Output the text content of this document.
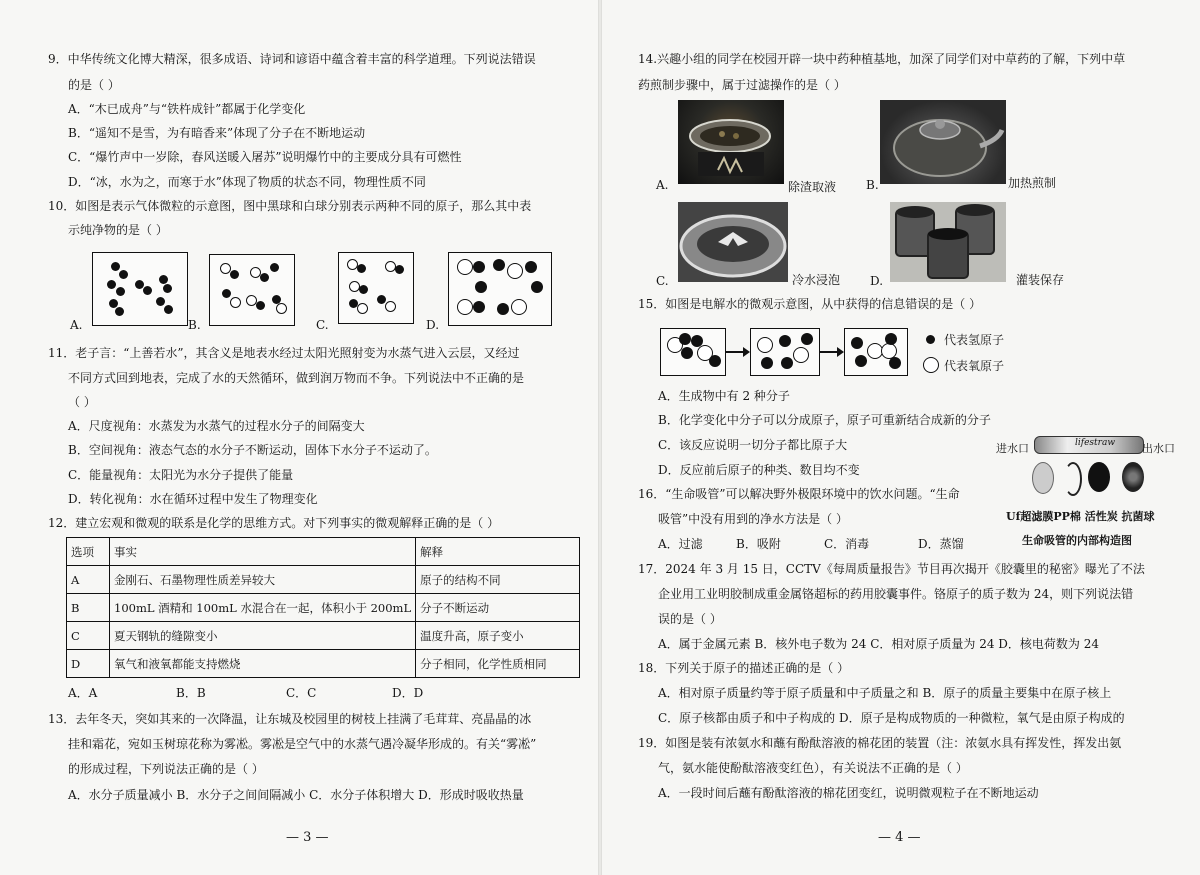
9．中华传统文化博大精深，很多成语、诗词和谚语中蕴含着丰富的科学道理。下列说法错误
的是（ ）
A．“木已成舟”与“铁杵成针”都属于化学变化
B．“遥知不是雪，为有暗香来”体现了分子在不断地运动
C．“爆竹声中一岁除，春风送暖入屠苏”说明爆竹中的主要成分具有可燃性
D．“冰，水为之，而寒于水”体现了物质的状态不同，物理性质不同
10．如图是表示气体微粒的示意图，图中黑球和白球分别表示两种不同的原子，那么其中表
示纯净物的是（ ）
A.	B.	C.	D.
11．老子言：“上善若水”，其含义是地表水经过太阳光照射变为水蒸气进入云层，又经过
不同方式回到地表，完成了水的天然循环，做到润万物而不争。下列说法中不正确的是
（ ）
A．尺度视角：水蒸发为水蒸气的过程水分子的间隔变大
B．空间视角：液态气态的水分子不断运动，固体下水分子不运动了。
C．能量视角：太阳光为水分子提供了能量
D．转化视角：水在循环过程中发生了物理变化
12．建立宏观和微观的联系是化学的思维方式。对下列事实的微观解释正确的是（ ）
选项	事实	解释
A	金刚石、石墨物理性质差异较大	原子的结构不同
B	100mL 酒精和 100mL 水混合在一起，体积小于 200mL	分子不断运动
C	夏天钢轨的缝隙变小	温度升高，原子变小
D	氧气和液氧都能支持燃烧	分子相同，化学性质相同
A．A	B．B	C．C	D．D
13．去年冬天，突如其来的一次降温，让东城及校园里的树枝上挂满了毛茸茸、亮晶晶的冰
挂和霜花，宛如玉树琼花称为雾凇。雾凇是空气中的水蒸气遇冷凝华形成的。有关“雾凇”
的形成过程，下列说法正确的是（ ）
A．水分子质量减小 B．水分子之间间隔减小 C．水分子体积增大 D．形成时吸收热量
— 3 —
14.兴趣小组的同学在校园开辟一块中药种植基地，加深了同学们对中草药的了解，下列中草
药煎制步骤中，属于过滤操作的是（ ）
A.	除渣取液 B.	加热煎制
C.	冷水浸泡 D.	灌装保存
15．如图是电解水的微观示意图，从中获得的信息错误的是（ ）
代表氢原子
代表氧原子
A．生成物中有 2 种分子
B．化学变化中分子可以分成原子，原子可重新结合成新的分子
C．该反应说明一切分子都比原子大
D．反应前后原子的种类、数目均不变
进水口	lifestraw 出水口
Uf超滤膜PP棉 活性炭 抗菌球
生命吸管的内部构造图
16．“生命吸管”可以解决野外极限环境中的饮水问题。“生命
吸管”中没有用到的净水方法是（ ）
A．过滤	B．吸附	C．消毒	D．蒸馏
17．2024 年 3 月 15 日，CCTV《每周质量报告》节目再次揭开《胶囊里的秘密》曝光了不法
企业用工业明胶制成重金属铬超标的药用胶囊事件。铬原子的质子数为 24，则下列说法错
误的是（ ）
A．属于金属元素 B．核外电子数为 24 C．相对原子质量为 24 D．核电荷数为 24
18．下列关于原子的描述正确的是（ ）
A．相对原子质量约等于原子质量和中子质量之和 B．原子的质量主要集中在原子核上
C．原子核都由质子和中子构成的 D．原子是构成物质的一种微粒，氧气是由原子构成的
19．如图是装有浓氨水和蘸有酚酞溶液的棉花团的装置（注：浓氨水具有挥发性，挥发出氨
气，氨水能使酚酞溶液变红色），有关说法不正确的是（ ）
A．一段时间后蘸有酚酞溶液的棉花团变红，说明微观粒子在不断地运动
— 4 —
